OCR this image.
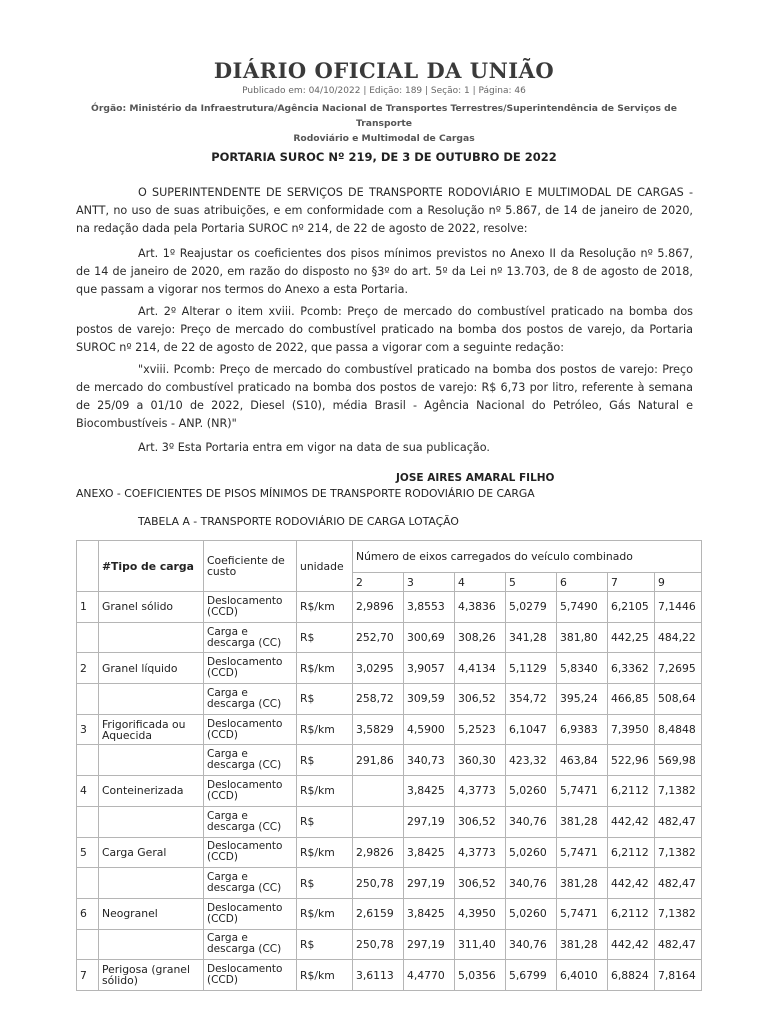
DIÁRIO OFICIAL DA UNIÃO
Publicado em: 04/10/2022 | Edição: 189 | Seção: 1 | Página: 46
Órgão: Ministério da Infraestrutura/Agência Nacional de Transportes Terrestres/Superintendência de Serviços de Transporte
Rodoviário e Multimodal de Cargas
PORTARIA SUROC Nº 219, DE 3 DE OUTUBRO DE 2022
O SUPERINTENDENTE DE SERVIÇOS DE TRANSPORTE RODOVIÁRIO E MULTIMODAL DE CARGAS - ANTT, no uso de suas atribuições, e em conformidade com a Resolução nº 5.867, de 14 de janeiro de 2020, na redação dada pela Portaria SUROC nº 214, de 22 de agosto de 2022, resolve:
Art. 1º Reajustar os coeficientes dos pisos mínimos previstos no Anexo II da Resolução nº 5.867, de 14 de janeiro de 2020, em razão do disposto no §3º do art. 5º da Lei nº 13.703, de 8 de agosto de 2018, que passam a vigorar nos termos do Anexo a esta Portaria.
Art. 2º Alterar o item xviii. Pcomb: Preço de mercado do combustível praticado na bomba dos postos de varejo: Preço de mercado do combustível praticado na bomba dos postos de varejo, da Portaria SUROC nº 214, de 22 de agosto de 2022, que passa a vigorar com a seguinte redação:
"xviii. Pcomb: Preço de mercado do combustível praticado na bomba dos postos de varejo: Preço de mercado do combustível praticado na bomba dos postos de varejo: R$ 6,73 por litro, referente à semana de 25/09 a 01/10 de 2022, Diesel (S10), média Brasil - Agência Nacional do Petróleo, Gás Natural e Biocombustíveis - ANP. (NR)"
Art. 3º Esta Portaria entra em vigor na data de sua publicação.
JOSE AIRES AMARAL FILHO
ANEXO - COEFICIENTES DE PISOS MÍNIMOS DE TRANSPORTE RODOVIÁRIO DE CARGA
TABELA A - TRANSPORTE RODOVIÁRIO DE CARGA LOTAÇÃO
	#Tipo de carga	Coeficiente de custo	unidade	Número de eixos carregados do veículo combinado						
				2	3	4	5	6	7	9
1	Granel sólido	Deslocamento (CCD)	R$/km	2,9896	3,8553	4,3836	5,0279	5,7490	6,2105	7,1446
		Carga e descarga (CC)	R$	252,70	300,69	308,26	341,28	381,80	442,25	484,22
2	Granel líquido	Deslocamento (CCD)	R$/km	3,0295	3,9057	4,4134	5,1129	5,8340	6,3362	7,2695
		Carga e descarga (CC)	R$	258,72	309,59	306,52	354,72	395,24	466,85	508,64
3	Frigorificada ou Aquecida	Deslocamento (CCD)	R$/km	3,5829	4,5900	5,2523	6,1047	6,9383	7,3950	8,4848
		Carga e descarga (CC)	R$	291,86	340,73	360,30	423,32	463,84	522,96	569,98
4	Conteinerizada	Deslocamento (CCD)	R$/km		3,8425	4,3773	5,0260	5,7471	6,2112	7,1382
		Carga e descarga (CC)	R$		297,19	306,52	340,76	381,28	442,42	482,47
5	Carga Geral	Deslocamento (CCD)	R$/km	2,9826	3,8425	4,3773	5,0260	5,7471	6,2112	7,1382
		Carga e descarga (CC)	R$	250,78	297,19	306,52	340,76	381,28	442,42	482,47
6	Neogranel	Deslocamento (CCD)	R$/km	2,6159	3,8425	4,3950	5,0260	5,7471	6,2112	7,1382
		Carga e descarga (CC)	R$	250,78	297,19	311,40	340,76	381,28	442,42	482,47
7	Perigosa (granel sólido)	Deslocamento (CCD)	R$/km	3,6113	4,4770	5,0356	5,6799	6,4010	6,8824	7,8164
